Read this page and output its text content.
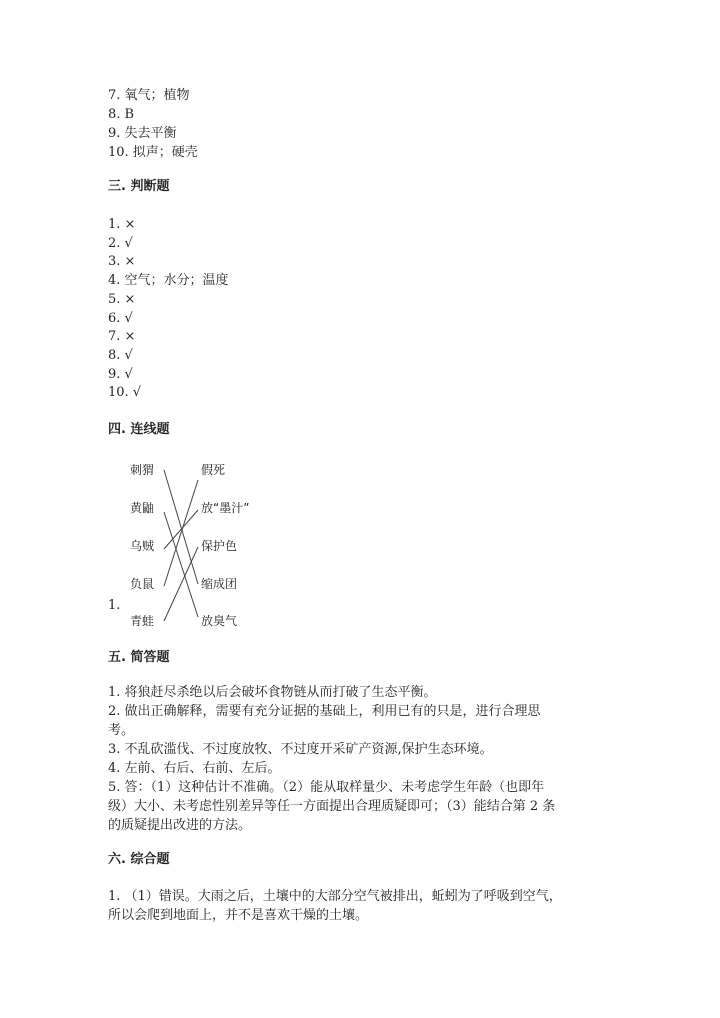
7. 氧气；植物
8. B
9. 失去平衡
10. 拟声；硬壳
三. 判断题
1. ×
2. √
3. ×
4. 空气；水分；温度
5. ×
6. √
7. ×
8. √
9. √
10. √
四. 连线题
1.
刺猬
黄鼬
乌贼
负鼠
青蛙
假死
放“墨汁”
保护色
缩成团
放臭气
五. 简答题
1. 将狼赶尽杀绝以后会破坏食物链从而打破了生态平衡。
2. 做出正确解释，需要有充分证据的基础上，利用已有的只是，进行合理思
考。
3. 不乱砍滥伐、不过度放牧、不过度开采矿产资源,保护生态环境。
4. 左前、右后、右前、左后。
5. 答：（1）这种估计不准确。（2）能从取样量少、未考虑学生年龄（也即年
级）大小、未考虑性别差异等任一方面提出合理质疑即可；（3）能结合第 2 条
的质疑提出改进的方法。
六. 综合题
1. （1）错误。大雨之后，土壤中的大部分空气被排出，蚯蚓为了呼吸到空气，
所以会爬到地面上，并不是喜欢干燥的土壤。
